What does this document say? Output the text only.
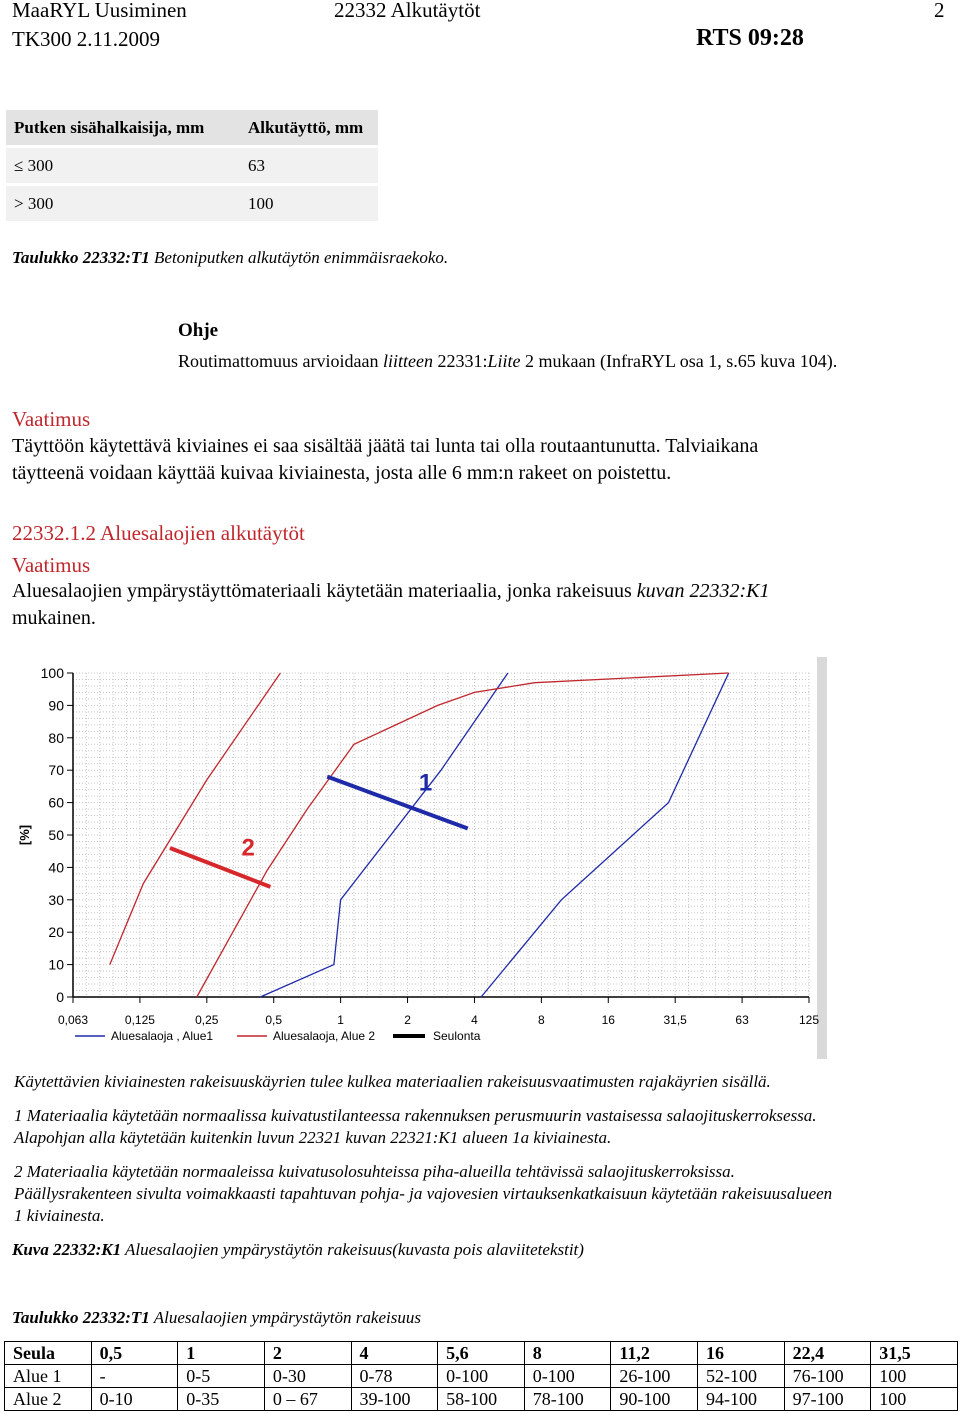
MaaRYL Uusiminen	22332 Alkutäytöt	2
TK300 2.11.2009	RTS 09:28
Putken sisähalkaisija, mm	Alkutäyttö, mm
≤ 300	63
> 300	100
Taulukko 22332:T1 Betoniputken alkutäytön enimmäisraekoko.
Ohje
Routimattomuus arvioidaan liitteen 22331:Liite 2 mukaan (InfraRYL osa 1, s.65 kuva 104).
Vaatimus
Täyttöön käytettävä kiviaines ei saa sisältää jäätä tai lunta tai olla routaantunutta. Talviaikana
täytteenä voidaan käyttää kuivaa kiviainesta, josta alle 6 mm:n rakeet on poistettu.
22332.1.2 Aluesalaojien alkutäytöt
Vaatimus
Aluesalaojien ympärystäyttömateriaali käytetään materiaalia, jonka rakeisuus kuvan 22332:K1
mukainen.
100
90
80
70
60
50
40
30
20
10
0
0,063	0,125	0,25	0,5	1	2	4	8	16	31,5	63	125
[%]
1
2
Aluesalaoja , Alue1	Aluesalaoja, Alue 2	Seulonta
Käytettävien kiviainesten rakeisuuskäyrien tulee kulkea materiaalien rakeisuusvaatimusten rajakäyrien sisällä.
1 Materiaalia käytetään normaalissa kuivatustilanteessa rakennuksen perusmuurin vastaisessa salaojituskerroksessa.
Alapohjan alla käytetään kuitenkin luvun 22321 kuvan 22321:K1 alueen 1a kiviainesta.
2 Materiaalia käytetään normaaleissa kuivatusolosuhteissa piha-alueilla tehtävissä salaojituskerroksissa.
Päällysrakenteen sivulta voimakkaasti tapahtuvan pohja- ja vajovesien virtauksenkatkaisuun käytetään rakeisuusalueen
1 kiviainesta.
Kuva 22332:K1 Aluesalaojien ympärystäytön rakeisuus(kuvasta pois alaviitetekstit)
Taulukko 22332:T1 Aluesalaojien ympärystäytön rakeisuus
Seula	0,5	1	2	4	5,6	8	11,2	16	22,4	31,5
Alue 1	-	0-5	0-30	0-78	0-100	0-100	26-100	52-100	76-100	100
Alue 2	0-10	0-35	0 – 67	39-100	58-100	78-100	90-100	94-100	97-100	100
